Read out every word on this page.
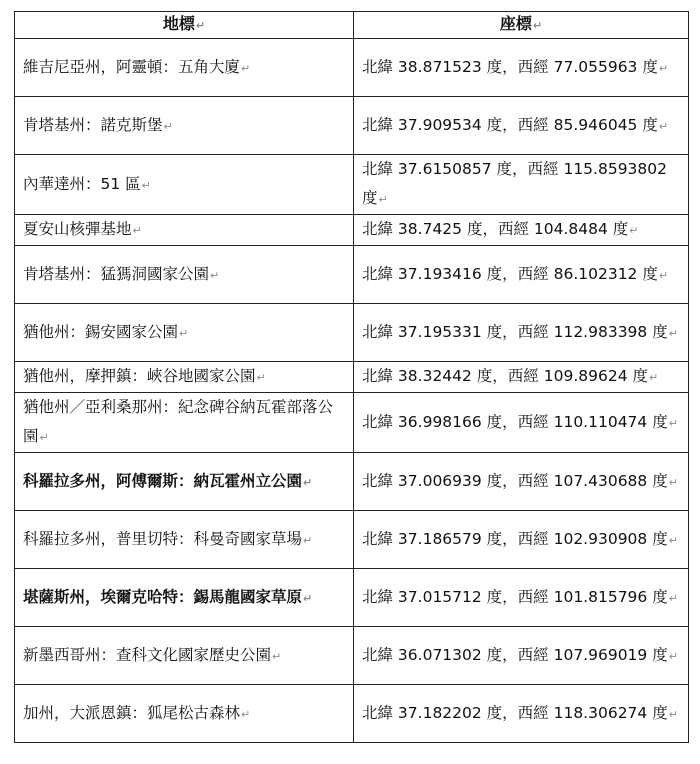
地標↵	座標↵
維吉尼亞州，阿靈頓：五角大廈↵	北緯 38.871523 度，西經 77.055963 度↵
肯塔基州：諾克斯堡↵	北緯 37.909534 度，西經 85.946045 度↵
內華達州：51 區↵	北緯 37.6150857 度，西經 115.8593802 度↵
夏安山核彈基地↵	北緯 38.7425 度，西經 104.8484 度↵
肯塔基州：猛獁洞國家公園↵	北緯 37.193416 度，西經 86.102312 度↵
猶他州：錫安國家公園↵	北緯 37.195331 度，西經 112.983398 度↵
猶他州，摩押鎮：峽谷地國家公園↵	北緯 38.32442 度，西經 109.89624 度↵
猶他州／亞利桑那州：紀念碑谷納瓦霍部落公園↵	北緯 36.998166 度，西經 110.110474 度↵
科羅拉多州，阿傅爾斯：納瓦霍州立公園↵	北緯 37.006939 度，西經 107.430688 度↵
科羅拉多州，普里切特：科曼奇國家草場↵	北緯 37.186579 度，西經 102.930908 度↵
堪薩斯州，埃爾克哈特：錫馬龍國家草原↵	北緯 37.015712 度，西經 101.815796 度↵
新墨西哥州：查科文化國家歷史公園↵	北緯 36.071302 度，西經 107.969019 度↵
加州，大派恩鎮：狐尾松古森林↵	北緯 37.182202 度，西經 118.306274 度↵
